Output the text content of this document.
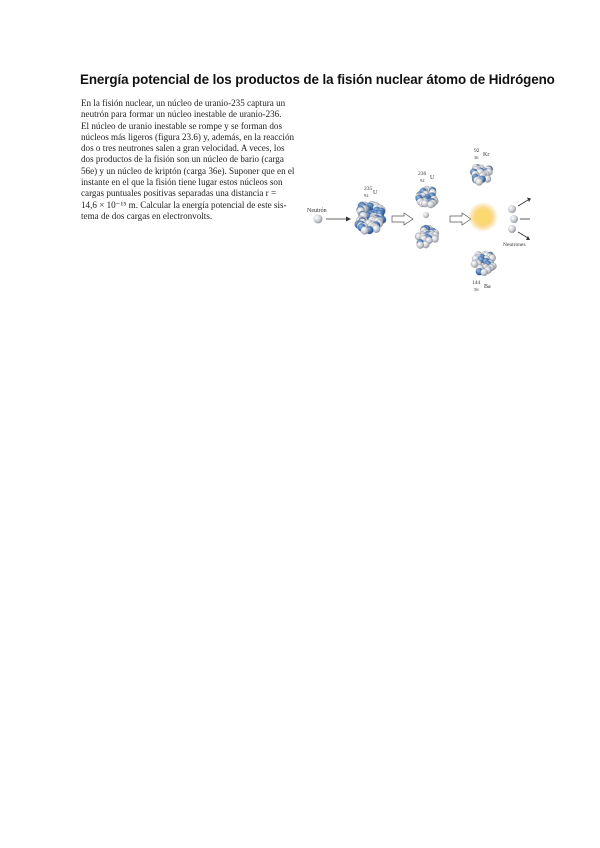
Energía potencial de los productos de la fisión nuclear átomo de Hidrógeno
En la fisión nuclear, un núcleo de uranio-235 captura un
neutrón para formar un núcleo inestable de uranio-236.
El núcleo de uranio inestable se rompe y se forman dos
núcleos más ligeros (figura 23.6) y, además, en la reacción
dos o tres neutrones salen a gran velocidad. A veces, los
dos productos de la fisión son un núcleo de bario (carga
56e) y un núcleo de kriptón (carga 36e). Suponer que en el
instante en el que la fisión tiene lugar estos núcleos son
cargas puntuales positivas separadas una distancia r =
14,6 × 10⁻¹⁵ m. Calcular la energía potencial de este sis-
tema de dos cargas en electronvolts.	Neutrón
235
92 U
236
92 U
92
36 Kr
144
56 Ba
Neutrones
